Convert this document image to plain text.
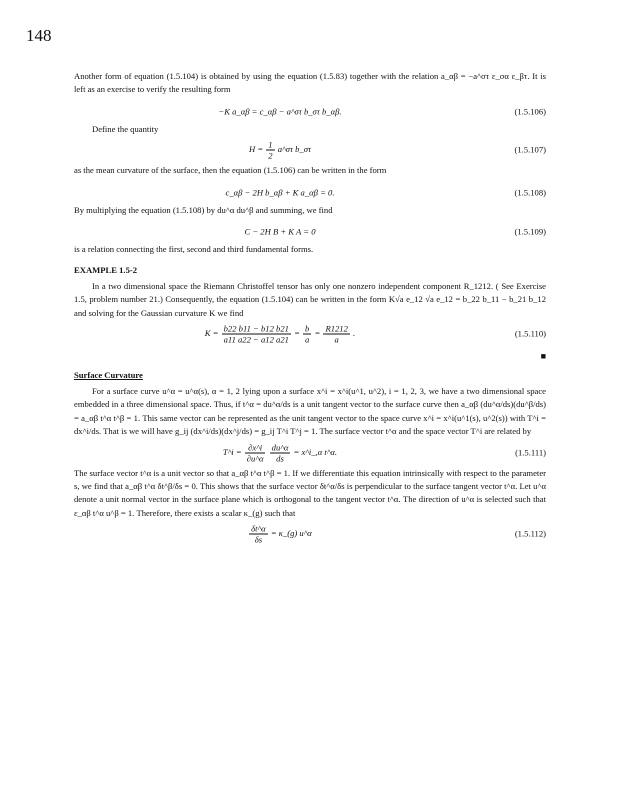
148

Another form of equation (1.5.104) is obtained by using the equation (1.5.83) together with the relation a_αβ = −a^στ ε_σα ε_βτ. It is left as an exercise to verify the resulting form

−K a_αβ = c_αβ − a^στ b_στ b_αβ.	(1.5.106)

Define the quantity

$H = \frac{1}{2}$ a^στ b_στ	(1.5.107)

as the mean curvature of the surface, then the equation (1.5.106) can be written in the form

c_αβ − 2H b_αβ + K a_αβ = 0.	(1.5.108)

By multiplying the equation (1.5.108) by du^α du^β and summing, we find

C − 2H B + K A = 0	(1.5.109)

is a relation connecting the first, second and third fundamental forms.

EXAMPLE 1.5-2

In a two dimensional space the Riemann Christoffel tensor has only one nonzero independent component R_1212. ( See Exercise 1.5, problem number 21.) Consequently, the equation (1.5.104) can be written in the form K√a e_12 √a e_12 = b_22 b_11 − b_21 b_12 and solving for the Gaussian curvature K we find

$K = \frac{b22 b11 - b12 b21}{a11 a22 - a12 a21} = \frac{b}{a} = \frac{R1212}{a}$ .	(1.5.110)
■
Surface Curvature

For a surface curve u^α = u^α(s), α = 1, 2 lying upon a surface x^i = x^i(u^1, u^2), i = 1, 2, 3, we have a two dimensional space embedded in a three dimensional space. Thus, if t^α = du^α/ds is a unit tangent vector to the surface curve then a_αβ (du^α/ds)(du^β/ds) = a_αβ t^α t^β = 1. This same vector can be represented as the unit tangent vector to the space curve x^i = x^i(u^1(s), u^2(s)) with T^i = dx^i/ds. That is we will have g_ij (dx^i/ds)(dx^j/ds) = g_ij T^i T^j = 1. The surface vector t^α and the space vector T^i are related by

T^i = $\frac{\partial x\^{}i}{\partial u\^{}\alpha}$
$\frac{du\^{}\alpha}{ds}$ = x^i_,α t^α.	(1.5.111)

The surface vector t^α is a unit vector so that a_αβ t^α t^β = 1. If we differentiate this equation intrinsically with respect to the parameter s, we find that a_αβ t^α δt^β/δs = 0. This shows that the surface vector δt^α/δs is perpendicular to the surface tangent vector t^α. Let u^α denote a unit normal vector in the surface plane which is orthogonal to the tangent vector t^α. The direction of u^α is selected such that ε_αβ t^α u^β = 1. Therefore, there exists a scalar κ_(g) such that

$\frac{\delta t\^{}\alpha}{\delta s}$ = κ_(g) u^α	(1.5.112)
